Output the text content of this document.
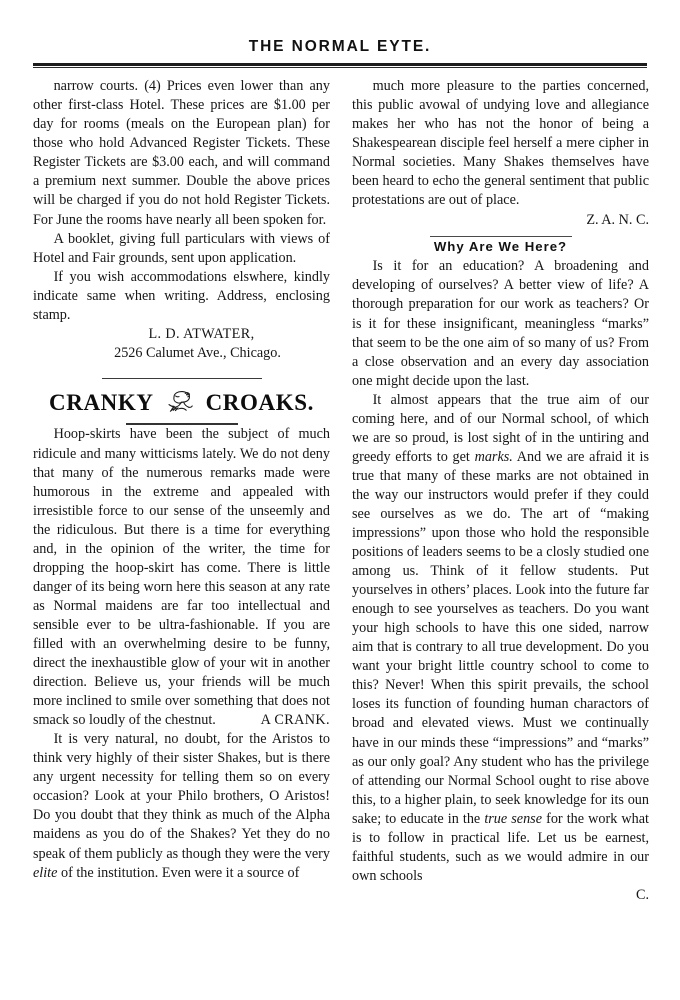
THE NORMAL EYTE.

narrow courts. (4) Prices even lower than any other first-class Hotel. These prices are $1.00 per day for rooms (meals on the European plan) for those who hold Advanced Register Tickets. These Register Tickets are $3.00 each, and will command a premium next summer. Double the above prices will be charged if you do not hold Register Tickets. For June the rooms have nearly all been spoken for.

A booklet, giving full particulars with views of Hotel and Fair grounds, sent upon application.

If you wish accommodations elswhere, kindly indicate same when writing. Address, enclosing stamp.

L. D. ATWATER,

2526 Calumet Ave., Chicago.

CRANKY CROAKS.

Hoop-skirts have been the subject of much ridicule and many witticisms lately. We do not deny that many of the numerous remarks made were humorous in the extreme and appealed with irresistible force to our sense of the unseemly and the ridiculous. But there is a time for everything and, in the opinion of the writer, the time for dropping the hoop-skirt has come. There is little danger of its being worn here this season at any rate as Normal maidens are far too intellectual and sensible ever to be ultra-fashionable. If you are filled with an overwhelming desire to be funny, direct the inexhaustible glow of your wit in another direction. Believe us, your friends will be much more inclined to smile over something that does not smack so loudly of the chestnut.	A CRANK.

It is very natural, no doubt, for the Aristos to think very highly of their sister Shakes, but is there any urgent necessity for telling them so on every occasion? Look at your Philo brothers, O Aristos! Do you doubt that they think as much of the Alpha maidens as you do of the Shakes? Yet they do no speak of them publicly as though they were the very elite of the institution. Even were it a source of

much more pleasure to the parties concerned, this public avowal of undying love and allegiance makes her who has not the honor of being a Shakespearean disciple feel herself a mere cipher in Normal societies. Many Shakes themselves have been heard to echo the general sentiment that public protestations are out of place.

Z. A. N. C.

Why Are We Here?

Is it for an education? A broadening and developing of ourselves? A better view of life? A thorough preparation for our work as teachers? Or is it for these insignificant, meaningless “marks” that seem to be the one aim of so many of us? From a close observation and an every day association one might decide upon the last.

It almost appears that the true aim of our coming here, and of our Normal school, of which we are so proud, is lost sight of in the untiring and greedy efforts to get marks. And we are afraid it is true that many of these marks are not obtained in the way our instructors would prefer if they could see ourselves as we do. The art of “making impressions” upon those who hold the responsible positions of leaders seems to be a closly studied one among us. Think of it fellow students. Put yourselves in others’ places. Look into the future far enough to see yourselves as teachers. Do you want your high schools to have this one sided, narrow aim that is contrary to all true development. Do you want your bright little country school to come to this? Never! When this spirit prevails, the school loses its function of founding human charactors of broad and elevated views. Must we continually have in our minds these “impressions” and “marks” as our only goal? Any student who has the privilege of attending our Normal School ought to rise above this, to a higher plain, to seek knowledge for its oun sake; to educate in the true sense for the work what is to follow in practical life. Let us be earnest, faithful students, such as we would admire in our own schools

C.
